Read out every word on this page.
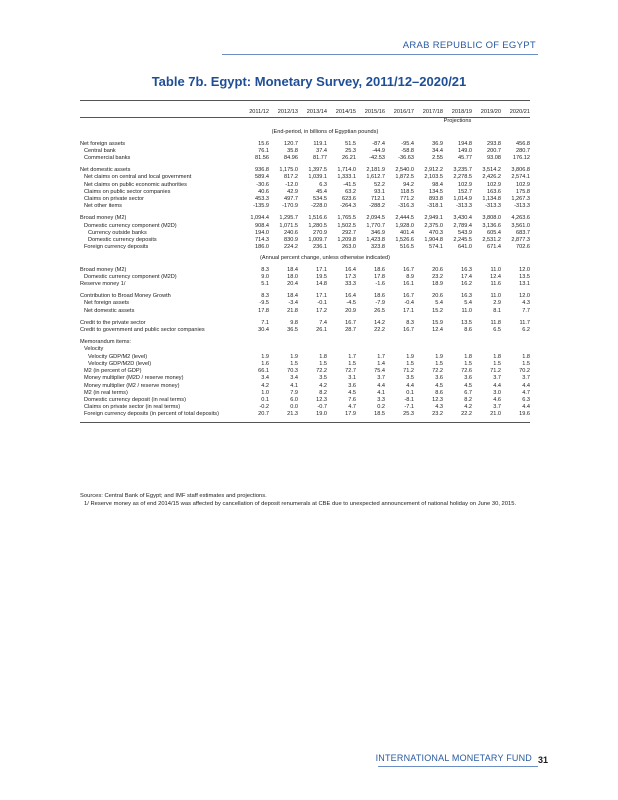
ARAB REPUBLIC OF EGYPT
Table 7b. Egypt: Monetary Survey, 2011/12–2020/21
	2011/12	2012/13	2013/14	2014/15	2015/16	2016/17	2017/18	2018/19	2019/20	2020/21
						Projections				
(End-period, in billions of Egyptian pounds)										
Net foreign assets	15.6	120.7	119.1	51.5	-87.4	-95.4	36.9	194.8	293.8	456.8
Central bank	76.1	35.8	37.4	25.3	-44.9	-58.8	34.4	149.0	200.7	280.7
Commercial banks	81.56	84.96	81.77	26.21	-42.53	-36.63	2.55	45.77	93.08	176.12

Net domestic assets	936.8	1,175.0	1,397.5	1,714.0	2,181.9	2,540.0	2,912.2	3,235.7	3,514.2	3,806.8
Net claims on central and local government	589.4	817.2	1,039.1	1,333.1	1,612.7	1,872.5	2,103.5	2,278.5	2,426.2	2,574.1
Net claims on public economic authorities	-30.6	-12.0	6.3	-41.5	52.2	94.2	98.4	102.9	102.9	102.9
Claims on public sector companies	40.6	42.9	45.4	63.2	93.1	118.5	134.5	152.7	163.6	175.8
Claims on private sector	453.3	497.7	534.5	623.6	712.1	771.2	893.8	1,014.9	1,134.8	1,267.3
Net other items	-135.9	-170.9	-228.0	-264.3	-288.2	-316.3	-318.1	-313.3	-313.3	-313.3

Broad money (M2)	1,094.4	1,295.7	1,516.6	1,765.5	2,094.5	2,444.5	2,949.1	3,430.4	3,808.0	4,263.6
Domestic currency component (M2D)	908.4	1,071.5	1,280.5	1,502.5	1,770.7	1,928.0	2,375.0	2,789.4	3,136.6	3,561.0
Currency outside banks	194.0	240.6	270.9	292.7	346.9	401.4	470.3	543.9	605.4	683.7
Domestic currency deposits	714.3	830.9	1,009.7	1,209.8	1,423.8	1,526.6	1,904.8	2,245.5	2,531.2	2,877.3
Foreign currency deposits	186.0	224.2	236.1	263.0	323.8	516.5	574.1	641.0	671.4	702.6
(Annual percent change, unless otherwise indicated)										
Broad money (M2)	8.3	18.4	17.1	16.4	18.6	16.7	20.6	16.3	11.0	12.0
Domestic currency component (M2D)	9.0	18.0	19.5	17.3	17.8	8.9	23.2	17.4	12.4	13.5
Reserve money 1/	5.1	20.4	14.8	33.3	-1.6	16.1	18.9	16.2	11.6	13.1

Contribution to Broad Money Growth	8.3	18.4	17.1	16.4	18.6	16.7	20.6	16.3	11.0	12.0
Net foreign assets	-9.5	-3.4	-0.1	-4.5	-7.9	-0.4	5.4	5.4	2.9	4.3
Net domestic assets	17.8	21.8	17.2	20.9	26.5	17.1	15.2	11.0	8.1	7.7

Credit to the private sector	7.1	9.8	7.4	16.7	14.2	8.3	15.9	13.5	11.8	11.7
Credit to government and public sector companies	30.4	36.5	26.1	28.7	22.2	16.7	12.4	8.6	6.5	6.2

Memorandum items:										
Velocity										
Velocity GDP/M2 (level)	1.9	1.9	1.8	1.7	1.7	1.9	1.9	1.8	1.8	1.8
Velocity GDP/M2D (level)	1.6	1.5	1.5	1.5	1.4	1.5	1.5	1.5	1.5	1.5
M2 (in percent of GDP)	66.1	70.3	72.2	72.7	75.4	71.2	72.2	72.6	71.2	70.2
Money multiplier (M2D / reserve money)	3.4	3.4	3.5	3.1	3.7	3.5	3.6	3.6	3.7	3.7
Money multiplier (M2 / reserve money)	4.2	4.1	4.2	3.6	4.4	4.4	4.5	4.5	4.4	4.4
M2 (in real terms)	1.0	7.9	8.2	4.5	4.1	0.1	8.6	6.7	3.0	4.7
Domestic currency deposit (in real terms)	0.1	6.0	12.3	7.6	3.3	-8.1	12.3	8.2	4.6	6.3
Claims on private sector (in real terms)	-0.2	0.0	-0.7	4.7	0.2	-7.1	4.3	4.2	3.7	4.4
Foreign currency deposits (in percent of total deposits)	20.7	21.3	19.0	17.9	18.5	25.3	23.2	22.2	21.0	19.6

Sources: Central Bank of Egypt; and IMF staff estimates and projections.
1/ Reserve money as of end 2014/15 was affected by cancellation of deposit renumerals at CBE due to unexpected announcement of national holiday on June 30, 2015.
INTERNATIONAL MONETARY FUND 31
